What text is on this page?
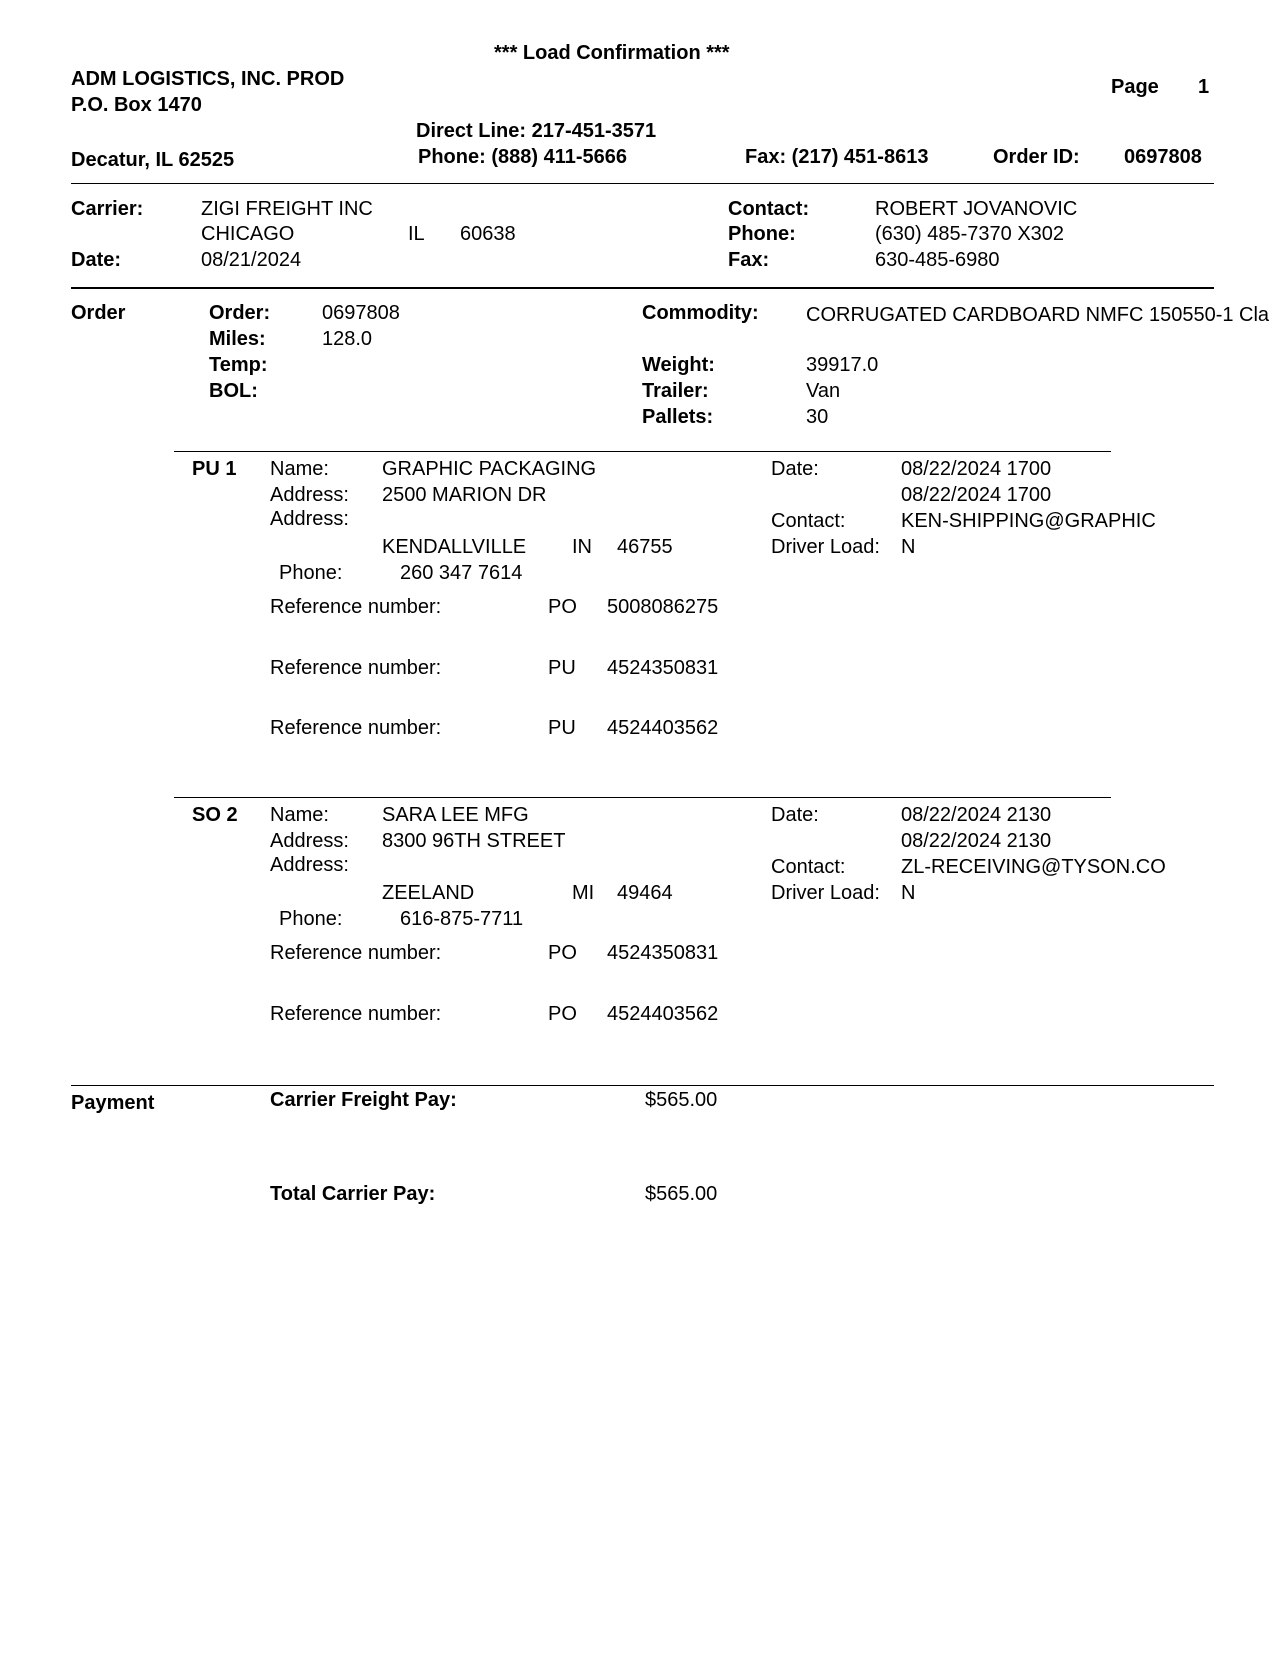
*** Load Confirmation ***
ADM LOGISTICS, INC. PROD
P.O. Box 1470
Page 1
Direct Line: 217-451-3571
Phone: (888) 411-5666
Decatur, IL 62525	Fax: (217) 451-8613	Order ID: 0697808
Carrier:	ZIGI FREIGHT INC
CHICAGO	IL 60638
Date:	08/21/2024
Contact:	ROBERT JOVANOVIC
Phone:	(630) 485-7370 X302
Fax:	630-485-6980
Order	Order:	0697808
Miles:	128.0
Temp:
BOL:
Commodity: CORRUGATED CARDBOARD NMFC 150550-1 Cla
Weight:	39917.0
Trailer:	Van
Pallets:	30
PU 1 Name:	GRAPHIC PACKAGING
Address: 2500 MARION DR
Address:
KENDALLVILLE IN 46755
Phone:	260 347 7614
Date:	08/22/2024 1700
08/22/2024 1700
Contact:	KEN-SHIPPING@GRAPHIC
Driver Load: N
Reference number:	PO 5008086275
Reference number:	PU 4524350831
Reference number:	PU 4524403562
SO 2 Name:	SARA LEE MFG
Address: 8300 96TH STREET
Address:
ZEELAND	MI 49464
Phone:	616-875-7711
Date:	08/22/2024 2130
08/22/2024 2130
Contact:	ZL-RECEIVING@TYSON.CO
Driver Load: N
Reference number:	PO 4524350831
Reference number:	PO 4524403562
Payment	Carrier Freight Pay:	$565.00
Total Carrier Pay:	$565.00
